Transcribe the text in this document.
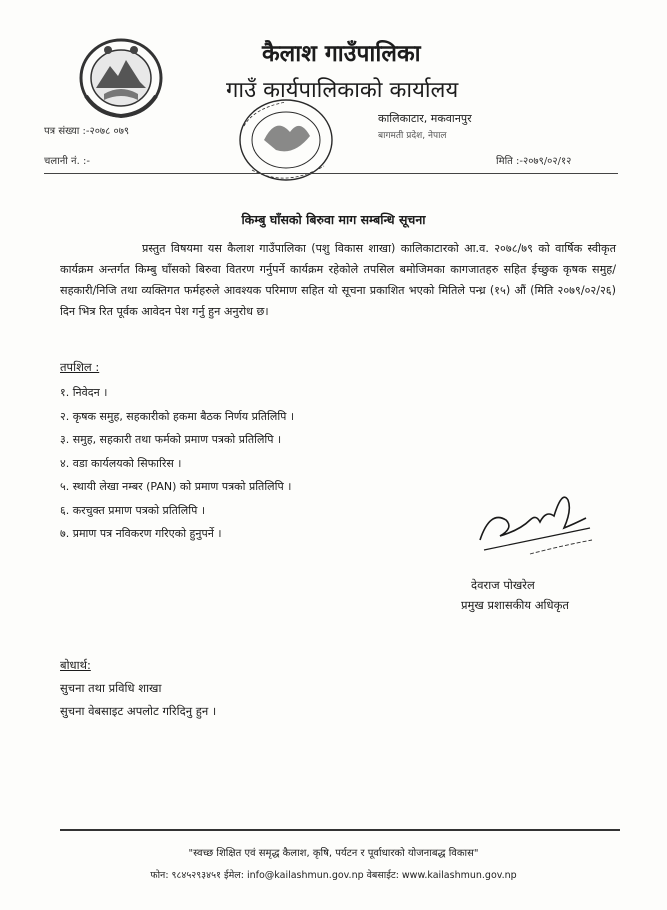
कैलाश गाउँपालिका
गाउँ कार्यपालिकाको कार्यालय
कालिकाटार, मकवानपुर
बागमती प्रदेश, नेपाल
पत्र संख्या :-२०७८ ०७९
चलानी नं. :-	मिति :-२०७९/०२/१२
किम्बु घाँसको बिरुवा माग सम्बन्धि सूचना
प्रस्तुत विषयमा यस कैलाश गाउँपालिका (पशु विकास शाखा) कालिकाटारको आ.व. २०७८/७९ को वार्षिक स्वीकृत कार्यक्रम अन्तर्गत किम्बु घाँसको बिरुवा वितरण गर्नुपर्ने कार्यक्रम रहेकोले तपसिल बमोजिमका कागजातहरु सहित ईच्छुक कृषक समुह/सहकारी/निजि तथा व्यक्तिगत फर्महरुले आवश्यक परिमाण सहित यो सूचना प्रकाशित भएको मितिले पन्ध्र (१५) औं (मिति २०७९/०२/२६) दिन भित्र रित पूर्वक आवेदन पेश गर्नु हुन अनुरोध छ।
तपशिल :
१. निवेदन ।
२. कृषक समुह, सहकारीको हकमा बैठक निर्णय प्रतिलिपि ।
३. समुह, सहकारी तथा फर्मको प्रमाण पत्रको प्रतिलिपि ।
४. वडा कार्यलयको सिफारिस ।
५. स्थायी लेखा नम्बर (PAN) को प्रमाण पत्रको प्रतिलिपि ।
६. करचुक्त प्रमाण पत्रको प्रतिलिपि ।
७. प्रमाण पत्र नविकरण गरिएको हुनुपर्ने ।
देवराज पोखरेल
प्रमुख प्रशासकीय अधिकृत
बोधार्थ:
सुचना तथा प्रविधि शाखा
सुचना वेबसाइट अपलोट गरिदिनु हुन ।
"स्वच्छ शिक्षित एवं समृद्ध कैलाश, कृषि, पर्यटन र पूर्वाधारको योजनाबद्ध विकास"
फोन: ९८४५२९३४५१ ईमेल: info@kailashmun.gov.np वेबसाईट: www.kailashmun.gov.np
